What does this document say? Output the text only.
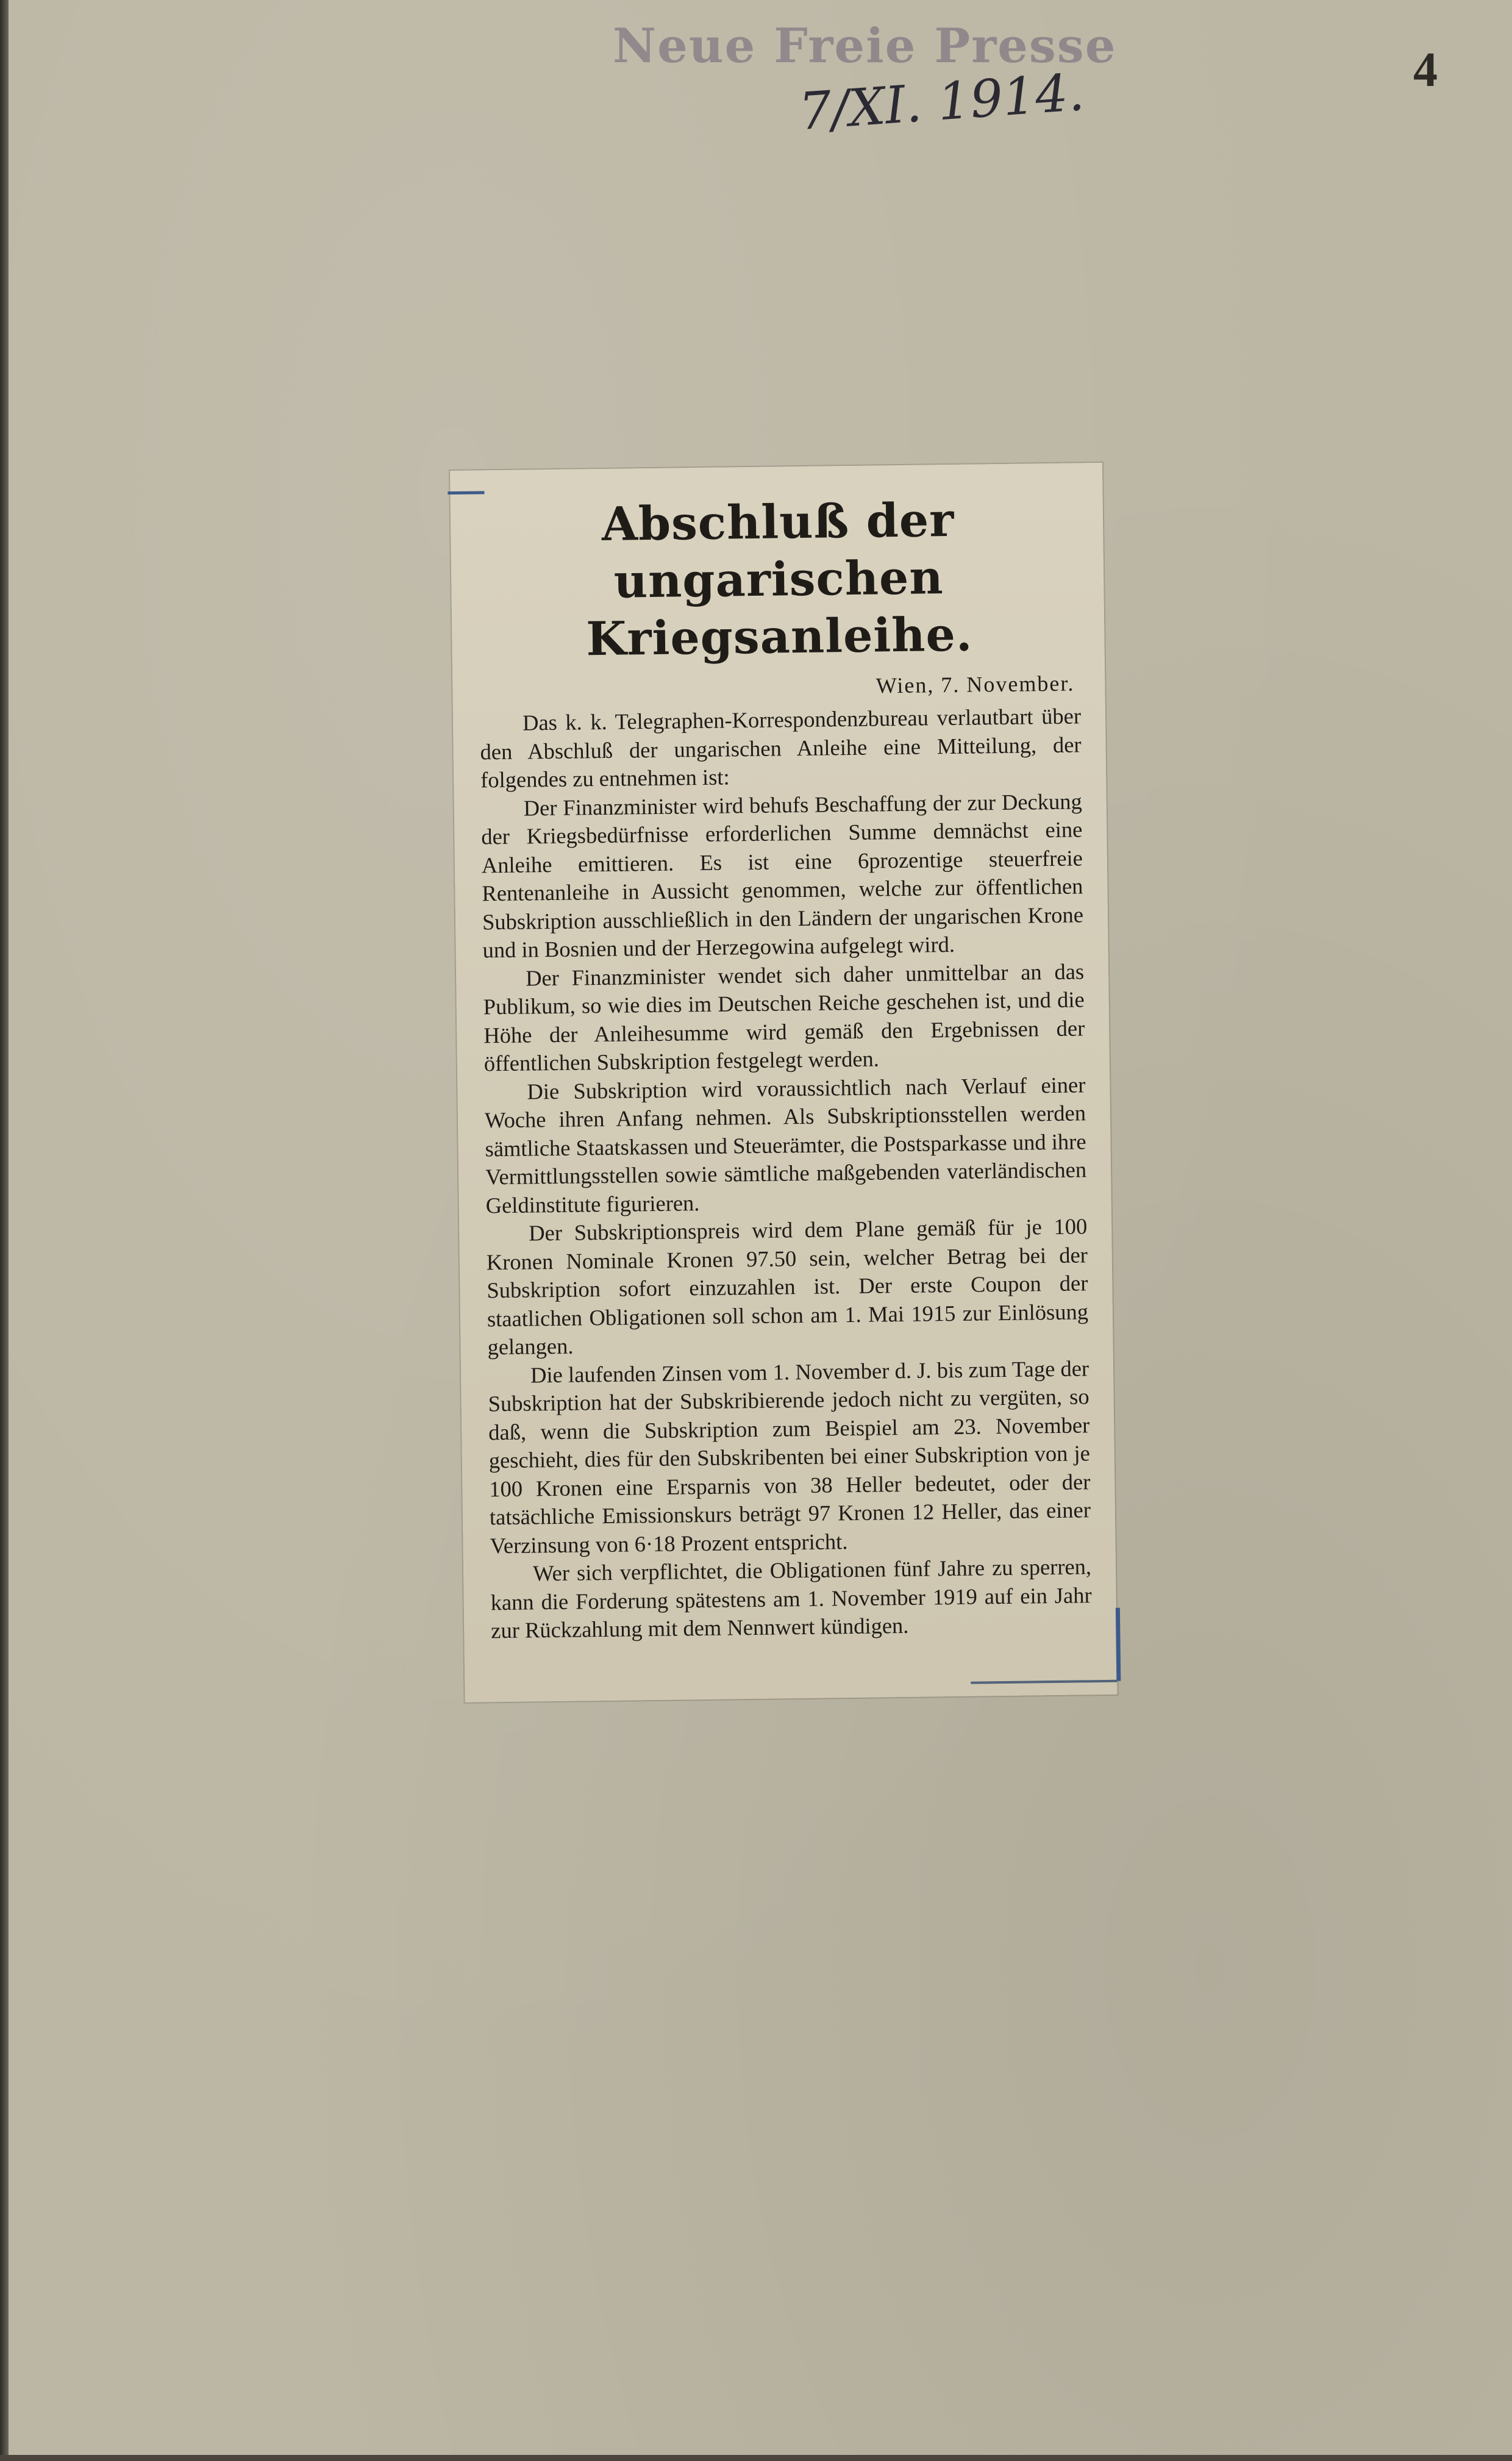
Neue Freie Presse
7/XI. 1914.	4
Abschluß der ungarischen
Kriegsanleihe.
Wien, 7. November.

Das k. k. Telegraphen-Korrespondenzbureau verlautbart über den Abschluß der ungarischen Anleihe eine Mitteilung, der folgendes zu entnehmen ist:

Der Finanzminister wird behufs Beschaffung der zur Deckung der Kriegsbedürfnisse erforderlichen Summe demnächst eine Anleihe emittieren. Es ist eine 6prozentige steuerfreie Rentenanleihe in Aussicht genommen, welche zur öffentlichen Subskription ausschließlich in den Ländern der ungarischen Krone und in Bosnien und der Herzegowina aufgelegt wird.

Der Finanzminister wendet sich daher unmittelbar an das Publikum, so wie dies im Deutschen Reiche geschehen ist, und die Höhe der Anleihesumme wird gemäß den Ergebnissen der öffentlichen Subskription festgelegt werden.

Die Subskription wird voraussichtlich nach Verlauf einer Woche ihren Anfang nehmen. Als Subskriptionsstellen werden sämtliche Staatskassen und Steuerämter, die Postsparkasse und ihre Vermittlungsstellen sowie sämtliche maßgebenden vaterländischen Geldinstitute figurieren.

Der Subskriptionspreis wird dem Plane gemäß für je 100 Kronen Nominale Kronen 97.50 sein, welcher Betrag bei der Subskription sofort einzuzahlen ist. Der erste Coupon der staatlichen Obligationen soll schon am 1. Mai 1915 zur Einlösung gelangen.

Die laufenden Zinsen vom 1. November d. J. bis zum Tage der Subskription hat der Subskribierende jedoch nicht zu vergüten, so daß, wenn die Subskription zum Beispiel am 23. November geschieht, dies für den Subskribenten bei einer Subskription von je 100 Kronen eine Ersparnis von 38 Heller bedeutet, oder der tatsächliche Emissionskurs beträgt 97 Kronen 12 Heller, das einer Verzinsung von 6·18 Prozent entspricht.

Wer sich verpflichtet, die Obligationen fünf Jahre zu sperren, kann die Forderung spätestens am 1. November 1919 auf ein Jahr zur Rückzahlung mit dem Nennwert kündigen.
